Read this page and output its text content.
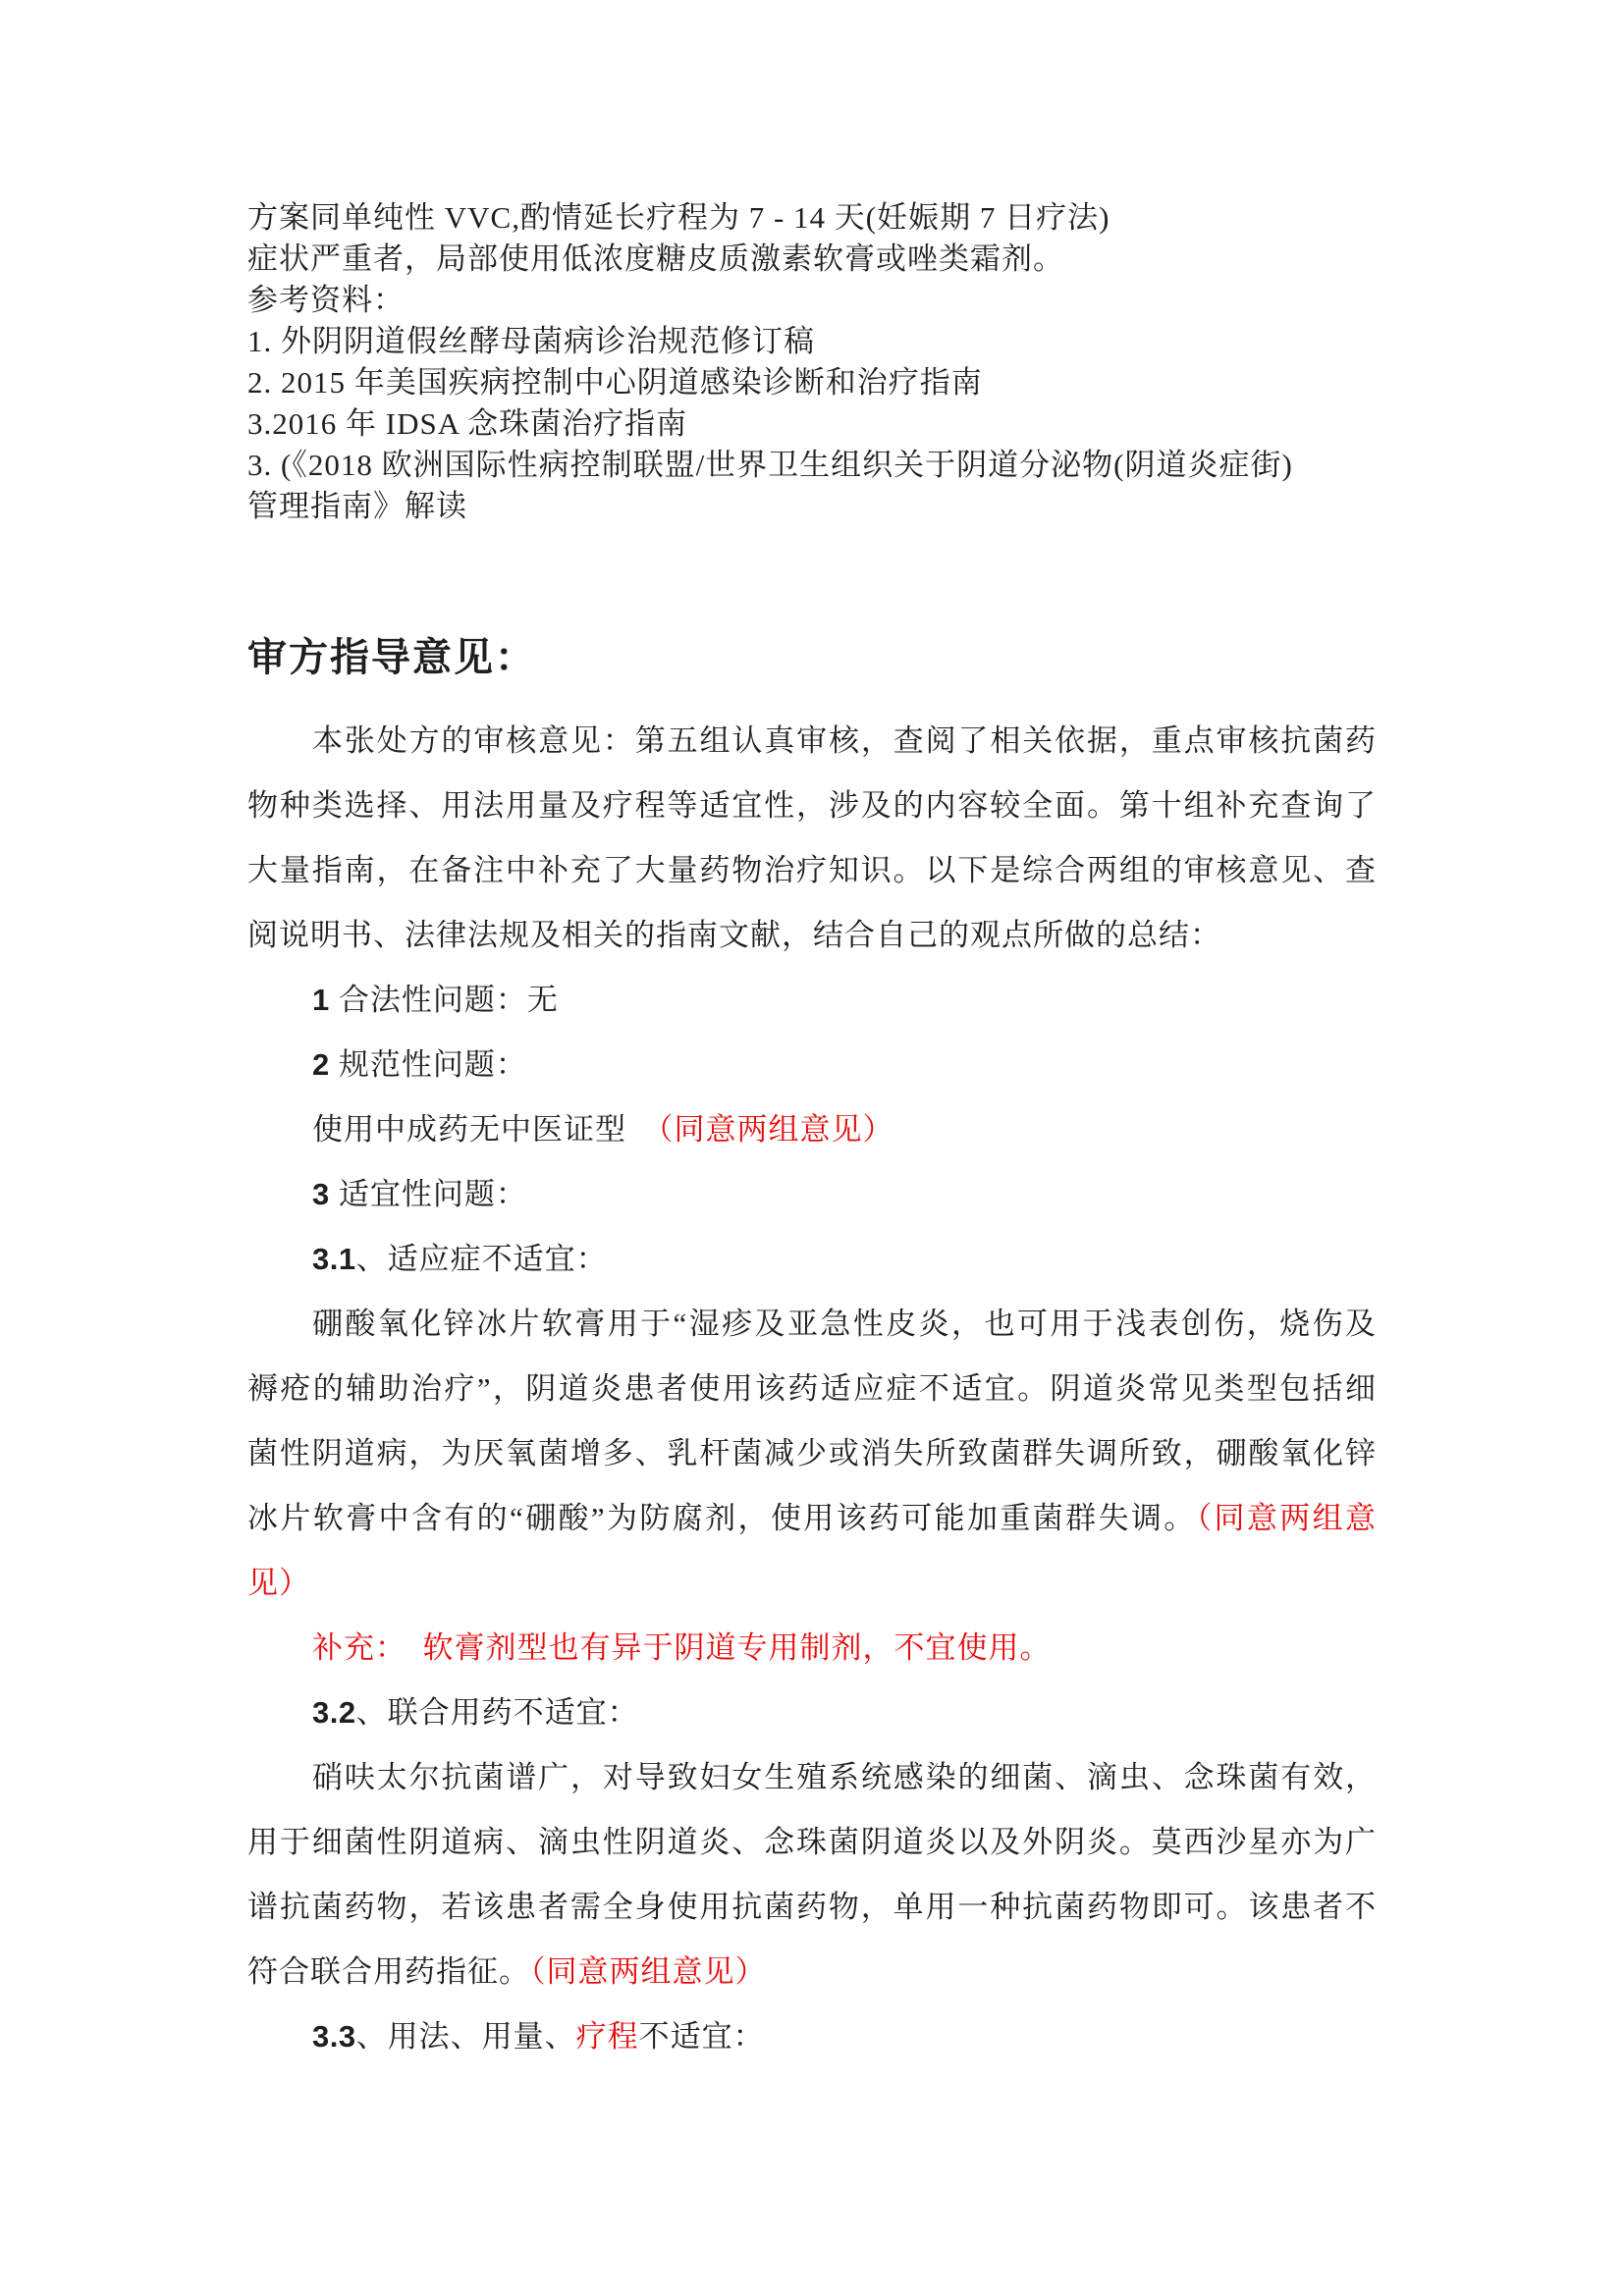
方案同单纯性 VVC,酌情延长疗程为 7 - 14 天(妊娠期 7 日疗法)
症状严重者，局部使用低浓度糖皮质激素软膏或唑类霜剂。
参考资料：
1. 外阴阴道假丝酵母菌病诊治规范修订稿
2. 2015 年美国疾病控制中心阴道感染诊断和治疗指南
3.2016 年 IDSA 念珠菌治疗指南
3. (《2018 欧洲国际性病控制联盟/世界卫生组织关于阴道分泌物(阴道炎症街)
管理指南》解读
审方指导意见：
本张处方的审核意见：第五组认真审核，查阅了相关依据，重点审核抗菌药
物种类选择、用法用量及疗程等适宜性，涉及的内容较全面。第十组补充查询了
大量指南，在备注中补充了大量药物治疗知识。以下是综合两组的审核意见、查
阅说明书、法律法规及相关的指南文献，结合自己的观点所做的总结：
1 合法性问题：无
2 规范性问题：
使用中成药无中医证型　（同意两组意见）
3 适宜性问题：
3.1、适应症不适宜：
硼酸氧化锌冰片软膏用于“湿疹及亚急性皮炎，也可用于浅表创伤，烧伤及
褥疮的辅助治疗”，阴道炎患者使用该药适应症不适宜。阴道炎常见类型包括细
菌性阴道病，为厌氧菌增多、乳杆菌减少或消失所致菌群失调所致，硼酸氧化锌
冰片软膏中含有的“硼酸”为防腐剂，使用该药可能加重菌群失调。（同意两组意
见）
补充：　软膏剂型也有异于阴道专用制剂，不宜使用。
3.2、联合用药不适宜：
硝呋太尔抗菌谱广，对导致妇女生殖系统感染的细菌、滴虫、念珠菌有效，
用于细菌性阴道病、滴虫性阴道炎、念珠菌阴道炎以及外阴炎。莫西沙星亦为广
谱抗菌药物，若该患者需全身使用抗菌药物，单用一种抗菌药物即可。该患者不
符合联合用药指征。（同意两组意见）
3.3、用法、用量、疗程不适宜：
